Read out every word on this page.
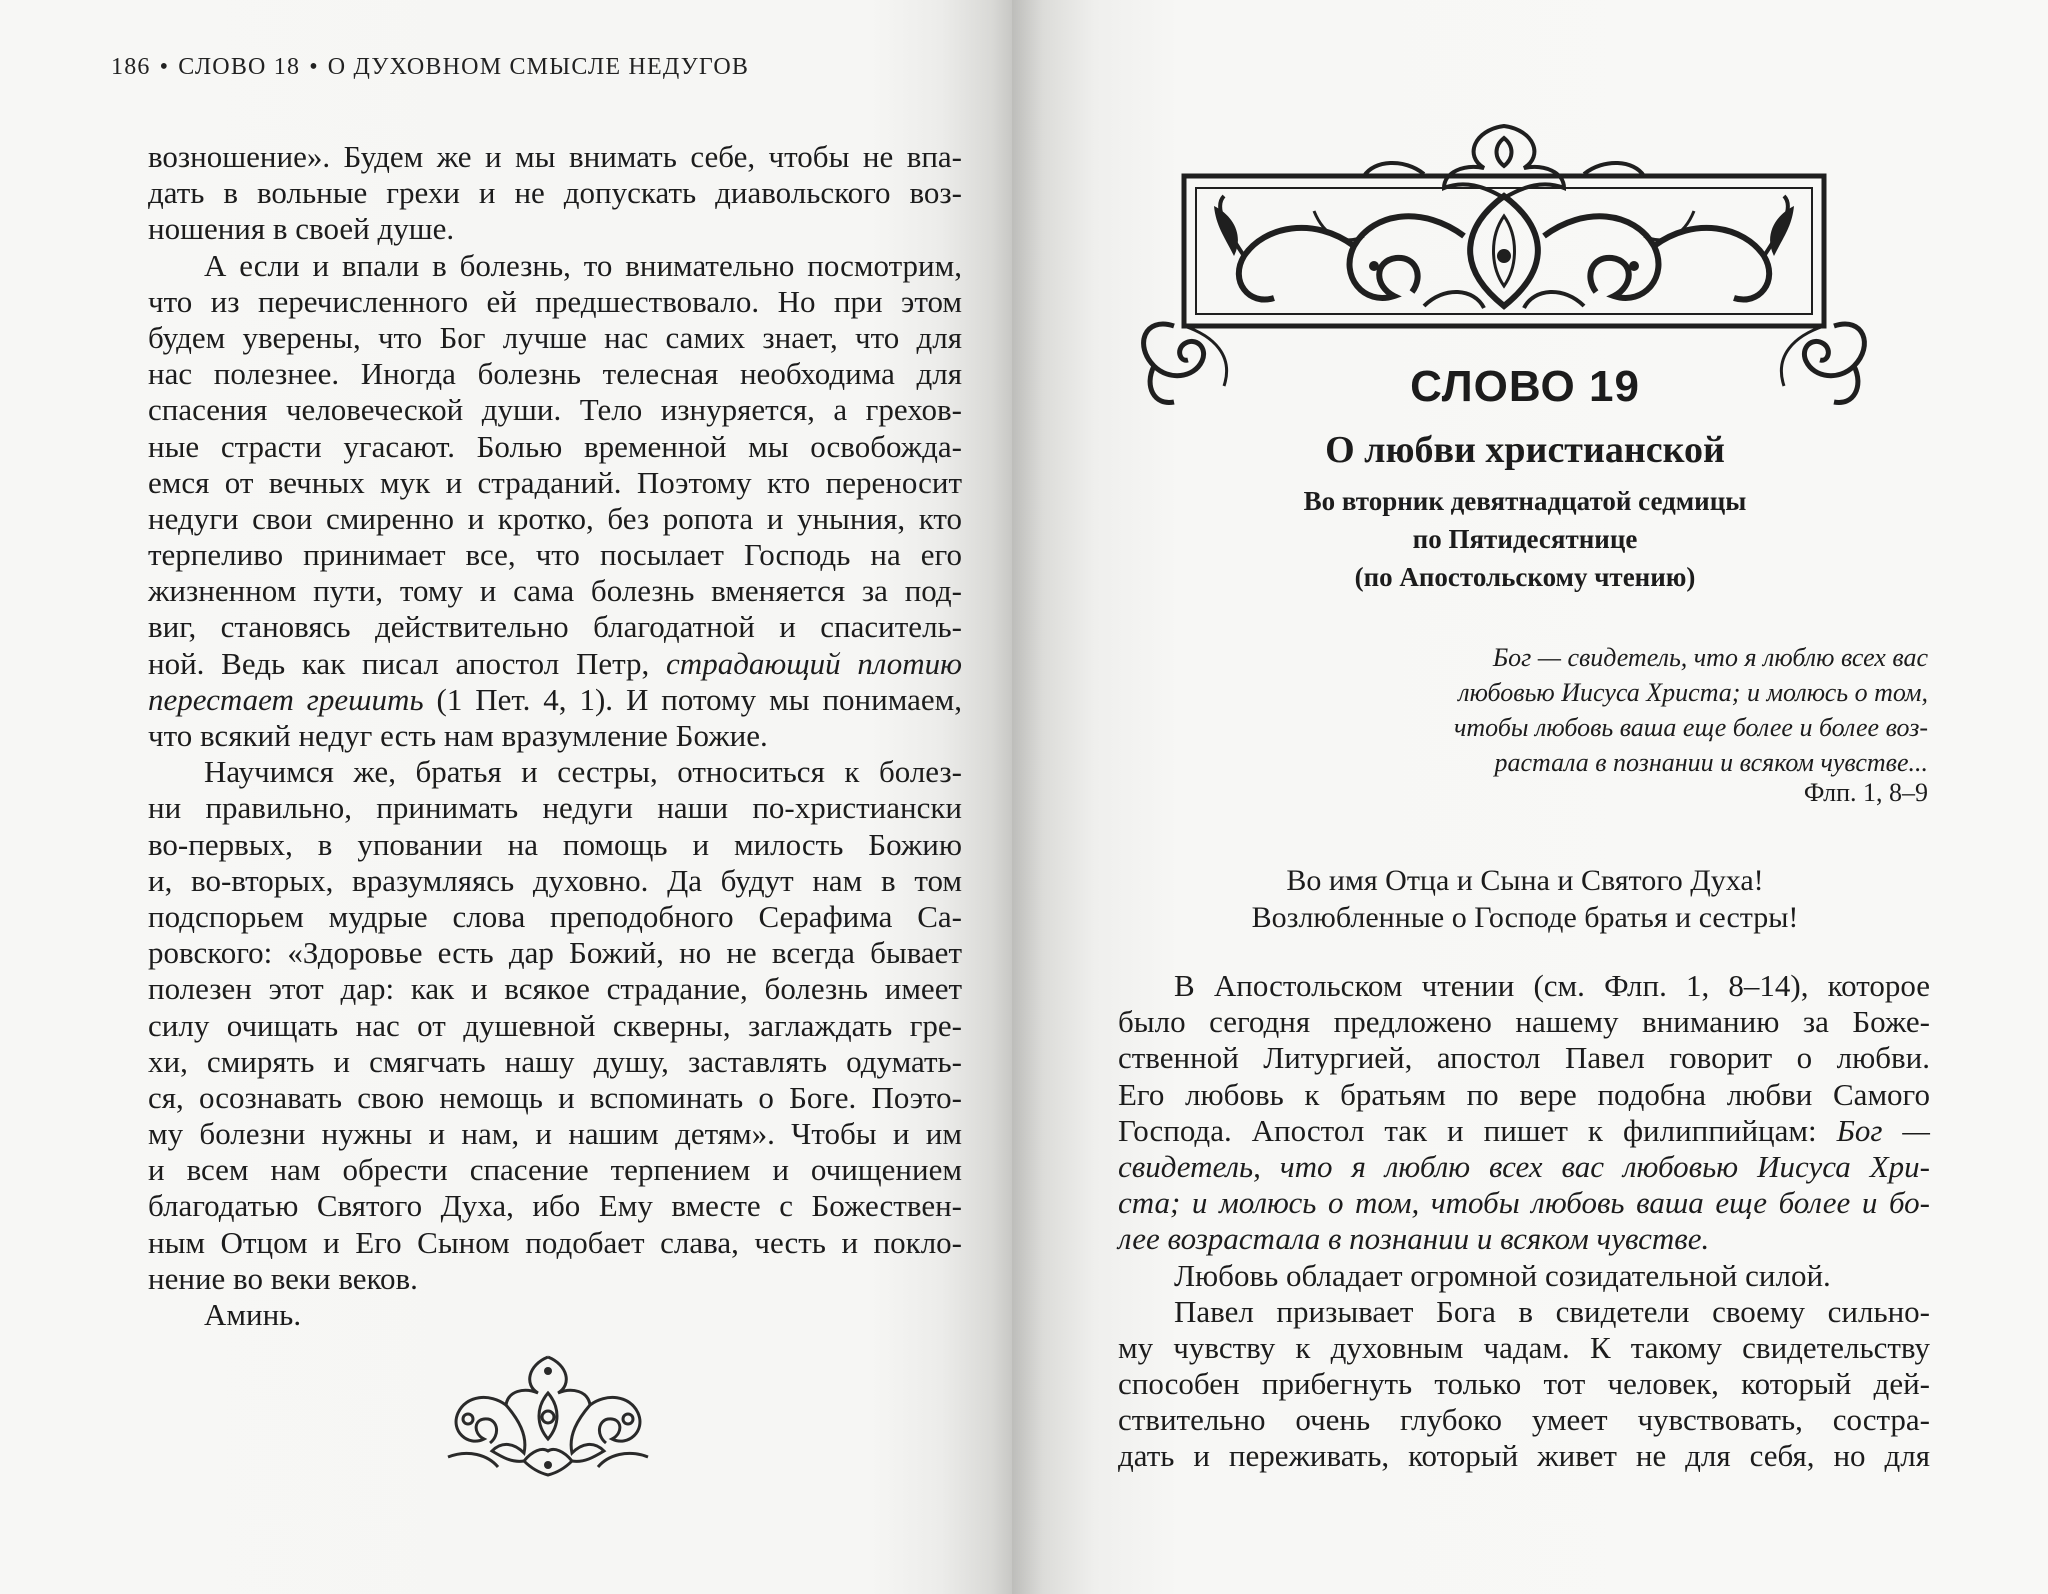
186 • СЛОВО 18 • О ДУХОВНОМ СМЫСЛЕ НЕДУГОВ
возношение». Будем же и мы внимать себе, чтобы не впа-
дать в вольные грехи и не допускать диавольского воз-
ношения в своей душе.
А если и впали в болезнь, то внимательно посмотрим,
что из перечисленного ей предшествовало. Но при этом
будем уверены, что Бог лучше нас самих знает, что для
нас полезнее. Иногда болезнь телесная необходима для
спасения человеческой души. Тело изнуряется, а грехов-
ные страсти угасают. Болью временной мы освобожда-
емся от вечных мук и страданий. Поэтому кто переносит
недуги свои смиренно и кротко, без ропота и уныния, кто
терпеливо принимает все, что посылает Господь на его
жизненном пути, тому и сама болезнь вменяется за под-
виг, становясь действительно благодатной и спаситель-
ной. Ведь как писал апостол Петр, страдающий плотию
перестает грешить (1 Пет. 4, 1). И потому мы понимаем,
что всякий недуг есть нам вразумление Божие.
Научимся же, братья и сестры, относиться к болез-
ни правильно, принимать недуги наши по-христиански
во-первых, в уповании на помощь и милость Божию
и, во-вторых, вразумляясь духовно. Да будут нам в том
подспорьем мудрые слова преподобного Серафима Са-
ровского: «Здоровье есть дар Божий, но не всегда бывает
полезен этот дар: как и всякое страдание, болезнь имеет
силу очищать нас от душевной скверны, заглаждать гре-
хи, смирять и смягчать нашу душу, заставлять одумать-
ся, осознавать свою немощь и вспоминать о Боге. Поэто-
му болезни нужны и нам, и нашим детям». Чтобы и им
и всем нам обрести спасение терпением и очищением
благодатью Святого Духа, ибо Ему вместе с Божествен-
ным Отцом и Его Сыном подобает слава, честь и покло-
нение во веки веков.
Аминь.
СЛОВО 19
О любви христианской
Во вторник девятнадцатой седмицы
по Пятидесятнице
(по Апостольскому чтению)
Бог — свидетель, что я люблю всех вас
любовью Иисуса Христа; и молюсь о том,
чтобы любовь ваша еще более и более воз-
растала в познании и всяком чувстве...
Флп. 1, 8–9
Во имя Отца и Сына и Святого Духа!
Возлюбленные о Господе братья и сестры!
В Апостольском чтении (см. Флп. 1, 8–14), которое
было сегодня предложено нашему вниманию за Боже-
ственной Литургией, апостол Павел говорит о любви.
Его любовь к братьям по вере подобна любви Самого
Господа. Апостол так и пишет к филиппийцам: Бог —
свидетель, что я люблю всех вас любовью Иисуса Хри-
ста; и молюсь о том, чтобы любовь ваша еще более и бо-
лее возрастала в познании и всяком чувстве.
Любовь обладает огромной созидательной силой.
Павел призывает Бога в свидетели своему сильно-
му чувству к духовным чадам. К такому свидетельству
способен прибегнуть только тот человек, который дей-
ствительно очень глубоко умеет чувствовать, сострa-
дать и переживать, который живет не для себя, но для
